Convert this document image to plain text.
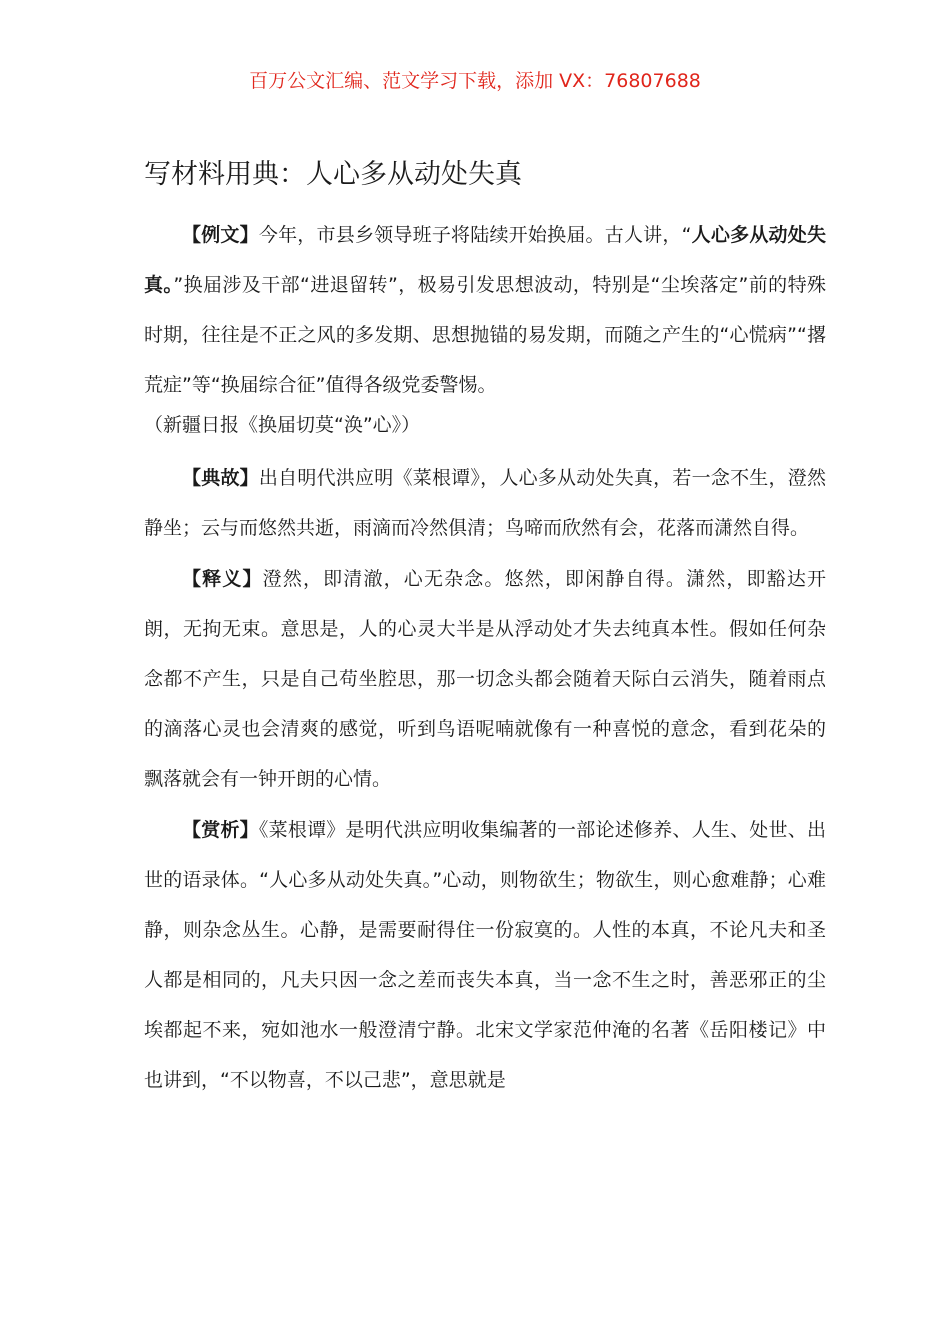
百万公文汇编、范文学习下载，添加 VX：76807688
写材料用典：人心多从动处失真

【例文】今年，市县乡领导班子将陆续开始换届。古人讲，“人心多从动处失真。”换届涉及干部“进退留转”，极易引发思想波动，特别是“尘埃落定”前的特殊时期，往往是不正之风的多发期、思想抛锚的易发期，而随之产生的“心慌病”“撂荒症”等“换届综合征”值得各级党委警惕。

（新疆日报《换届切莫“涣”心》）

【典故】出自明代洪应明《菜根谭》，人心多从动处失真，若一念不生，澄然静坐；云与而悠然共逝，雨滴而冷然俱清；鸟啼而欣然有会，花落而潇然自得。

【释义】澄然，即清澈，心无杂念。悠然，即闲静自得。潇然，即豁达开朗，无拘无束。意思是，人的心灵大半是从浮动处才失去纯真本性。假如任何杂念都不产生，只是自己苟坐腔思，那一切念头都会随着天际白云消失，随着雨点的滴落心灵也会清爽的感觉，听到鸟语呢喃就像有一种喜悦的意念，看到花朵的飘落就会有一钟开朗的心情。

【赏析】《菜根谭》是明代洪应明收集编著的一部论述修养、人生、处世、出世的语录体。“人心多从动处失真。”心动，则物欲生；物欲生，则心愈难静；心难静，则杂念丛生。心静，是需要耐得住一份寂寞的。人性的本真，不论凡夫和圣人都是相同的，凡夫只因一念之差而丧失本真，当一念不生之时，善恶邪正的尘埃都起不来，宛如池水一般澄清宁静。北宋文学家范仲淹的名著《岳阳楼记》中也讲到，“不以物喜，不以己悲”，意思就是
